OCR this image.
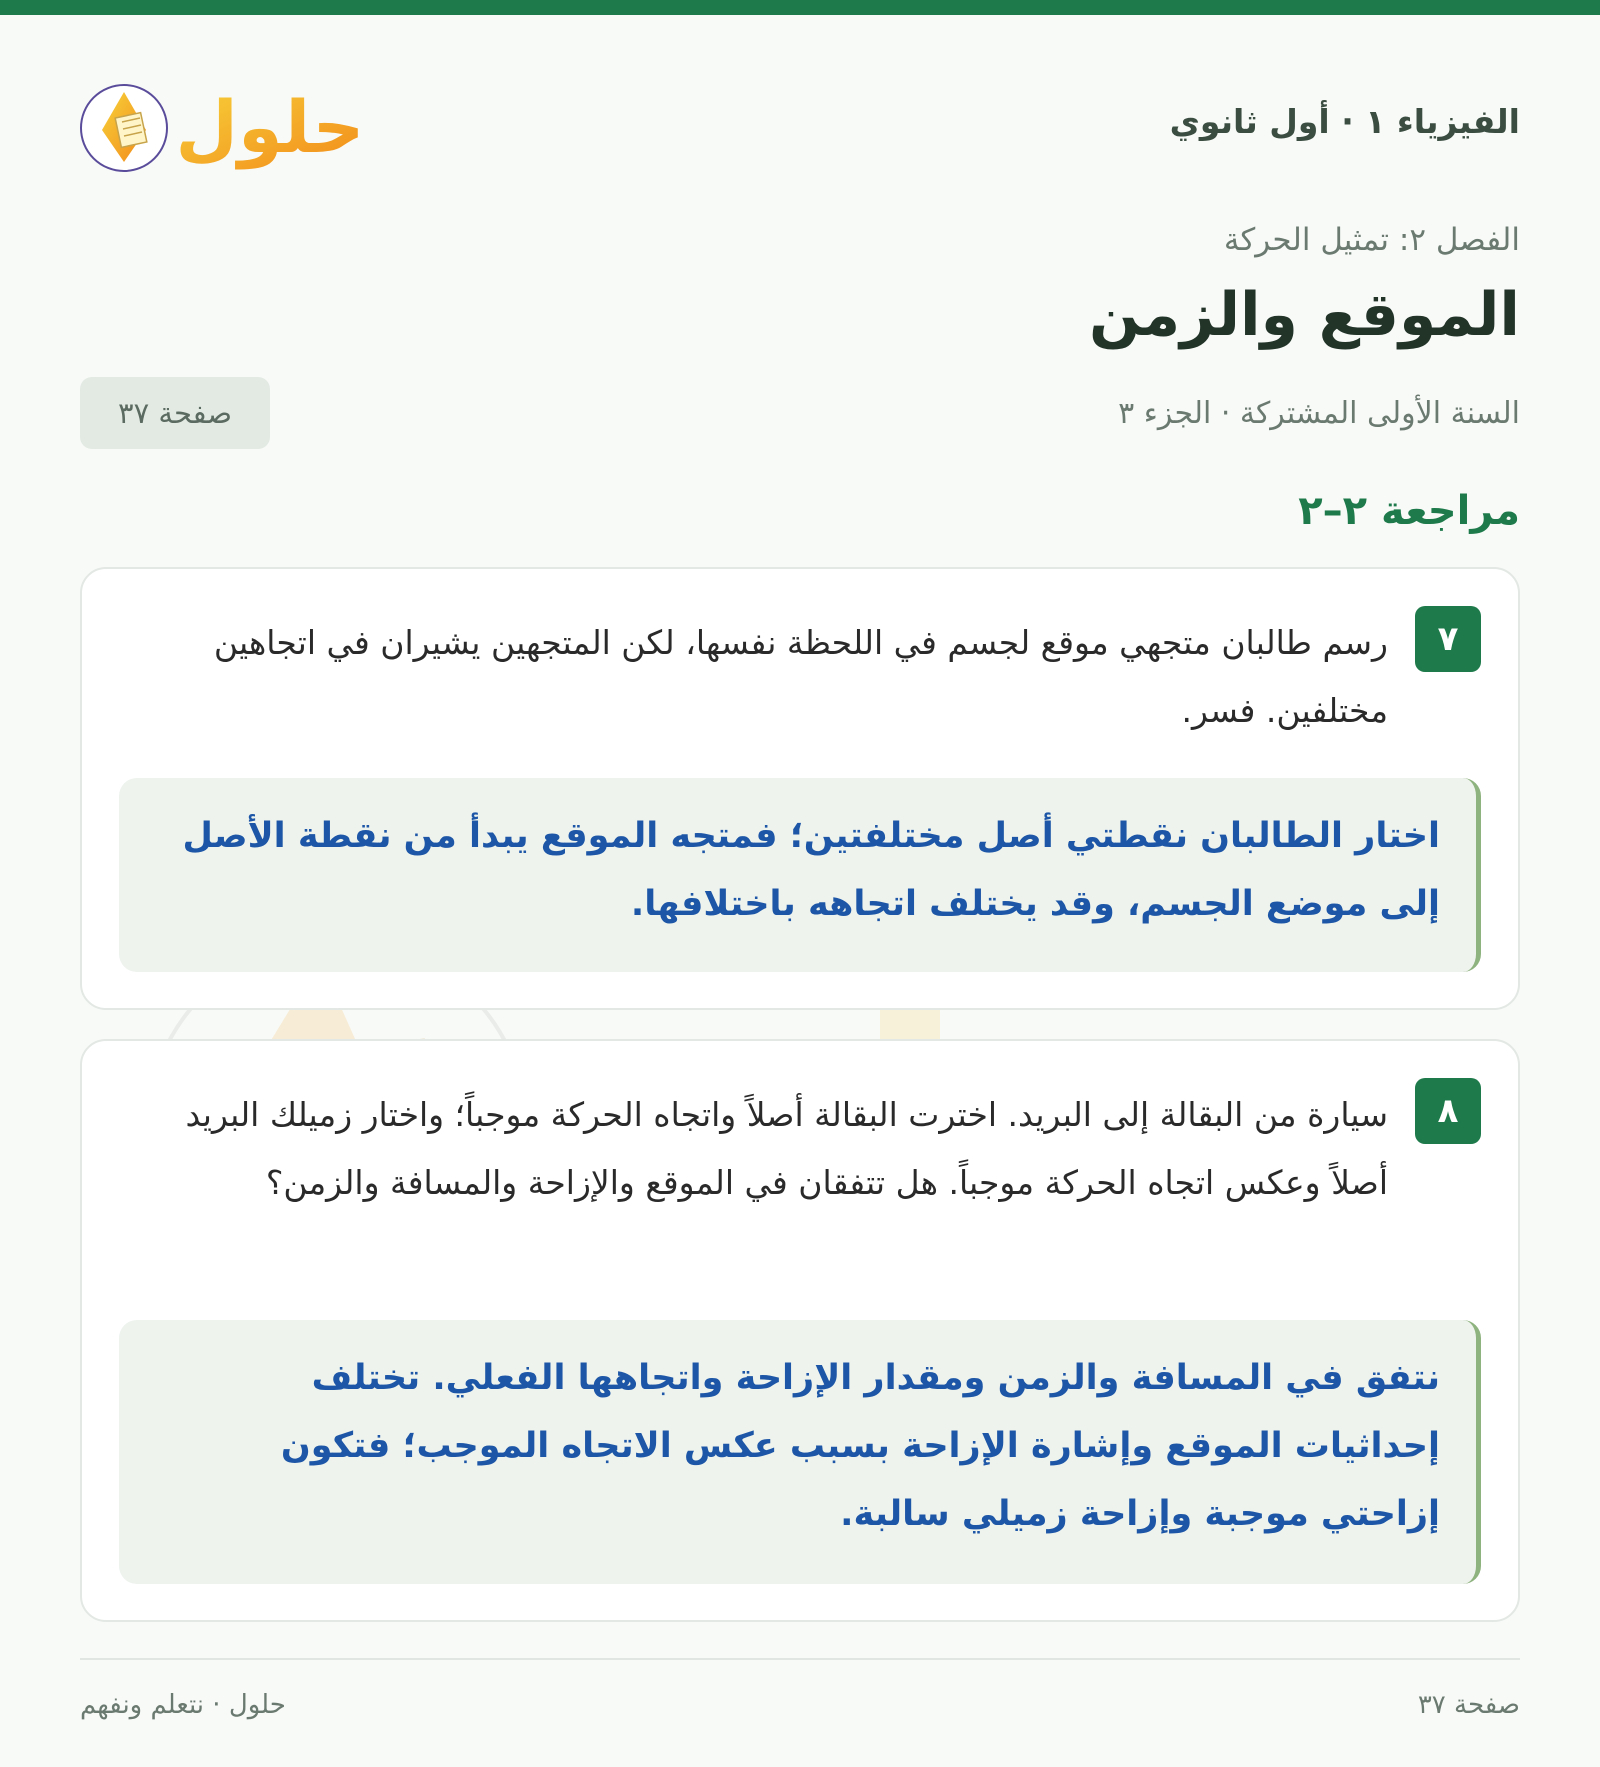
الفيزياء ١ · أول ثانوي
حلول
الفصل ٢: تمثيل الحركة
الموقع والزمن
السنة الأولى المشتركة · الجزء ٣
صفحة ٣٧
مراجعة ٢–٢
٧
رسم طالبان متجهي موقع لجسم في اللحظة نفسها، لكن المتجهين يشيران في اتجاهين مختلفين. فسر.
اختار الطالبان نقطتي أصل مختلفتين؛ فمتجه الموقع يبدأ من نقطة الأصل إلى موضع الجسم، وقد يختلف اتجاهه باختلافها.
٨
سيارة من البقالة إلى البريد. اخترت البقالة أصلاً واتجاه الحركة موجباً؛ واختار زميلك البريد أصلاً وعكس اتجاه الحركة موجباً. هل تتفقان في الموقع والإزاحة والمسافة والزمن؟
نتفق في المسافة والزمن ومقدار الإزاحة واتجاهها الفعلي. تختلف إحداثيات الموقع وإشارة الإزاحة بسبب عكس الاتجاه الموجب؛ فتكون إزاحتي موجبة وإزاحة زميلي سالبة.
صفحة ٣٧
حلول · نتعلم ونفهم
